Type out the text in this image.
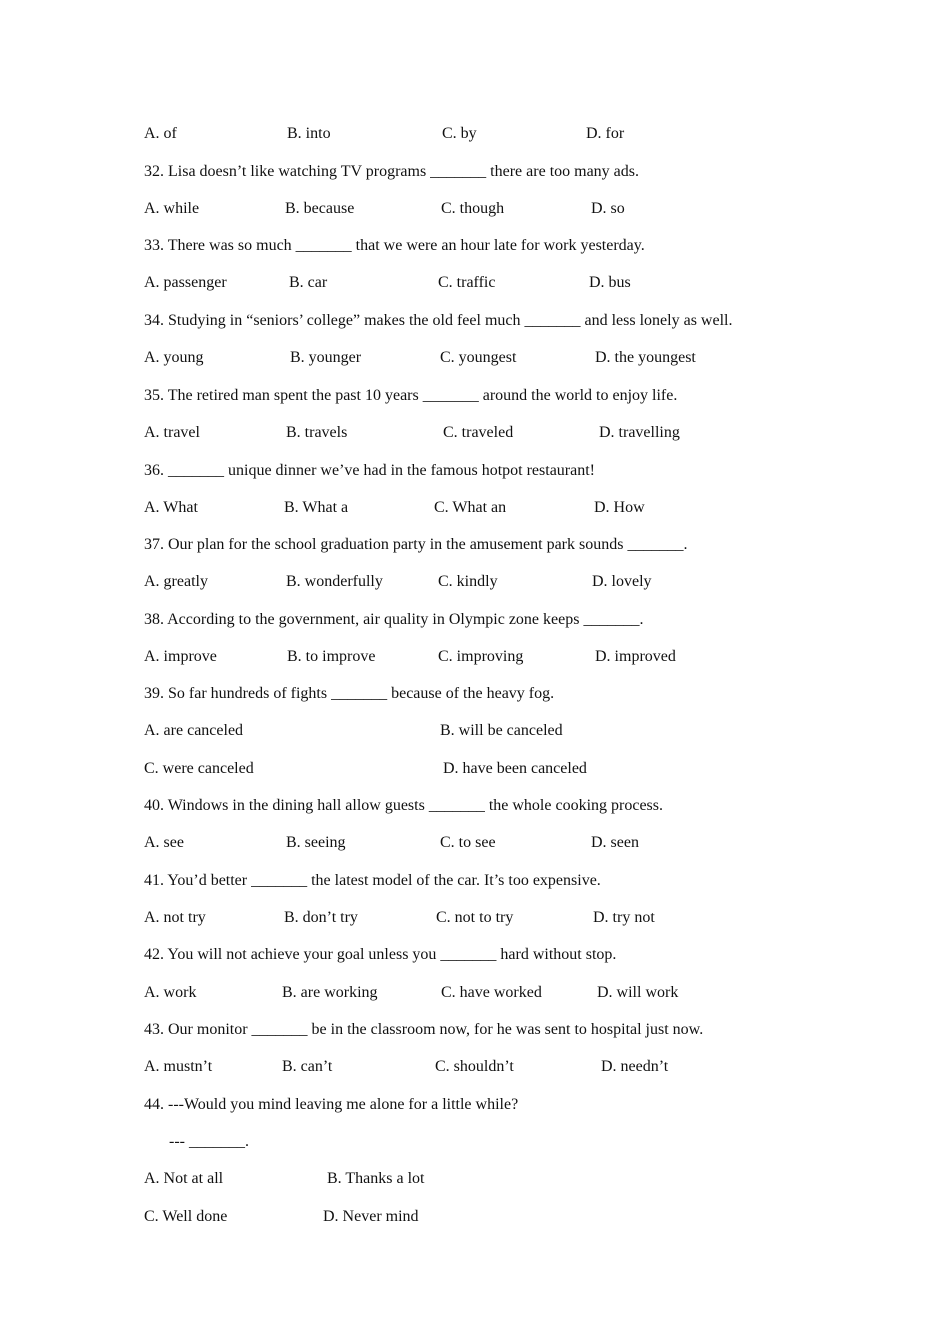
A. of	B. into	C. by	D. for
32. Lisa doesn’t like watching TV programs _______ there are too many ads.
A. while	B. because	C. though	D. so
33. There was so much _______ that we were an hour late for work yesterday.
A. passenger	B. car	C. traffic	D. bus
34. Studying in “seniors’ college” makes the old feel much _______ and less lonely as well.
A. young	B. younger	C. youngest	D. the youngest
35. The retired man spent the past 10 years _______ around the world to enjoy life.
A. travel	B. travels	C. traveled	D. travelling
36. _______ unique dinner we’ve had in the famous hotpot restaurant!
A. What	B. What a	C. What an	D. How
37. Our plan for the school graduation party in the amusement park sounds _______.
A. greatly	B. wonderfully	C. kindly	D. lovely
38. According to the government, air quality in Olympic zone keeps _______.
A. improve	B. to improve	C. improving	D. improved
39. So far hundreds of fights _______ because of the heavy fog.
A. are canceled	B. will be canceled
C. were canceled	D. have been canceled
40. Windows in the dining hall allow guests _______ the whole cooking process.
A. see	B. seeing	C. to see	D. seen
41. You’d better _______ the latest model of the car. It’s too expensive.
A. not try	B. don’t try	C. not to try	D. try not
42. You will not achieve your goal unless you _______ hard without stop.
A. work	B. are working	C. have worked	D. will work
43. Our monitor _______ be in the classroom now, for he was sent to hospital just now.
A. mustn’t	B. can’t	C. shouldn’t	D. needn’t
44. ---Would you mind leaving me alone for a little while?
--- _______.
A. Not at all	B. Thanks a lot
C. Well done	D. Never mind
